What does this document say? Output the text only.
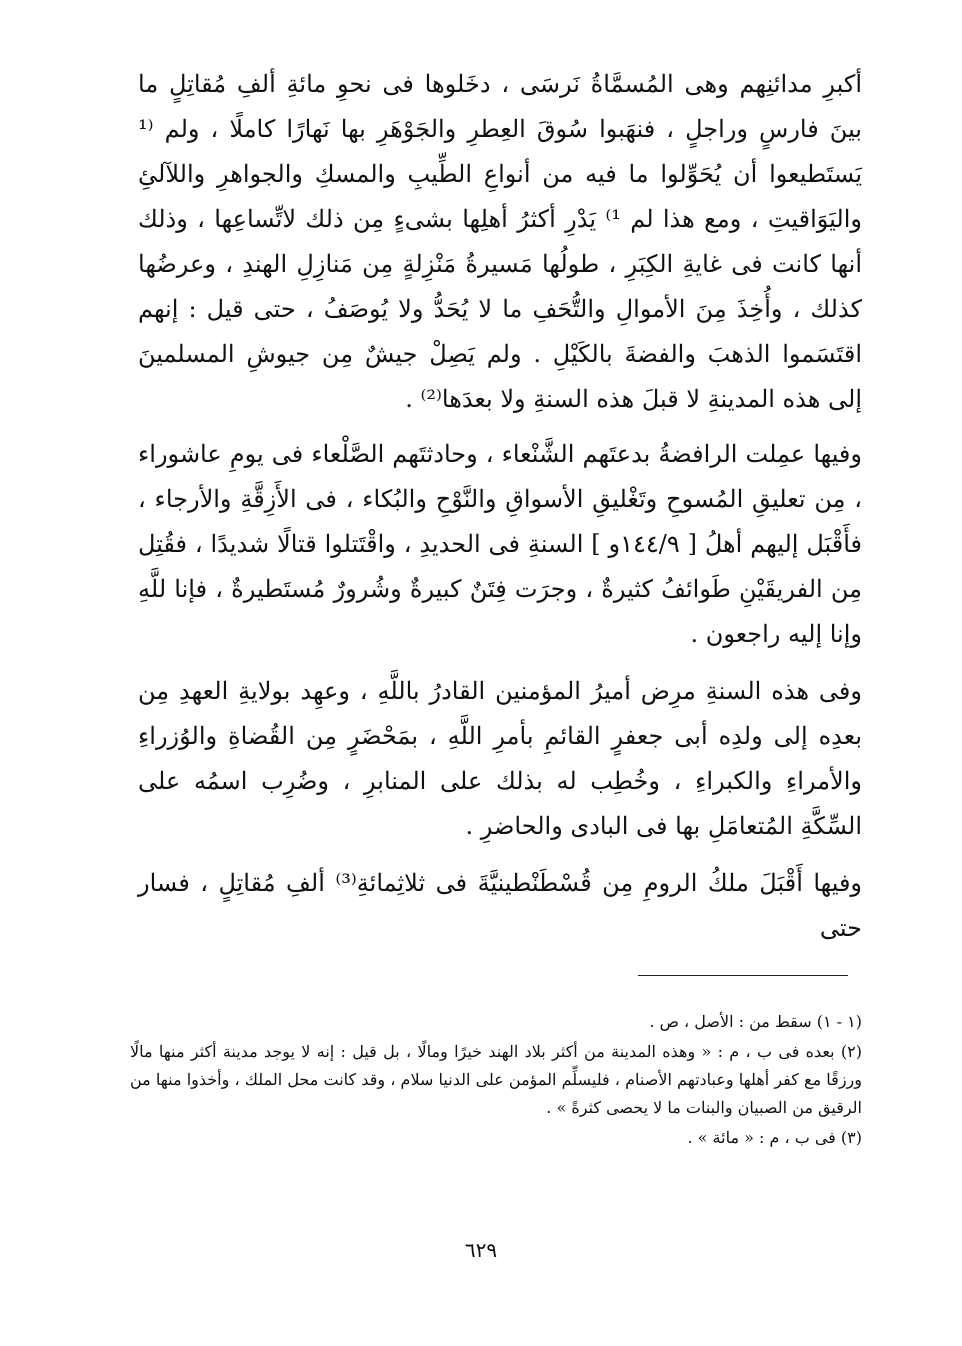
أكبرِ مدائنِهم وهى المُسمَّاةُ نَرسَى ، دخَلوها فى نحوِ مائةِ ألفِ مُقاتِلٍ ما بينَ فارسٍ وراجلٍ ، فنهَبوا سُوقَ العِطرِ والجَوْهَرِ بها نَهارًا كاملًا ، ولم ⁽¹ يَستَطيعوا أن يُحَوِّلوا ما فيه من أنواعِ الطِّيبِ والمسكِ والجواهرِ واللآلئِ واليَوَاقيتِ ، ومع هذا لم ¹⁾ يَدْرِ أكثرُ أهلِها بشىءٍ مِن ذلك لاتِّساعِها ، وذلك أنها كانت فى غايةِ الكِبَرِ ، طولُها مَسيرةُ مَنْزِلةٍ مِن مَنازِلِ الهندِ ، وعرضُها كذلك ، وأُخِذَ مِنَ الأموالِ والتُّحَفِ ما لا يُحَدُّ ولا يُوصَفُ ، حتى قيل : إنهم اقتَسَموا الذهبَ والفضةَ بالكَيْلِ . ولم يَصِلْ جيشٌ مِن جيوشِ المسلمينَ إلى هذه المدينةِ لا قبلَ هذه السنةِ ولا بعدَها⁽²⁾ .

وفيها عمِلت الرافضةُ بدعتَهم الشَّنْعاء ، وحادثتَهم الصَّلْعاء فى يومِ عاشوراء ، مِن تعليقِ المُسوحِ وتَغْليقِ الأسواقِ والنَّوْحِ والبُكاء ، فى الأَزِقَّةِ والأرجاء ، فأَقْبَل إليهم أهلُ [ ١٤٤/٩و ] السنةِ فى الحديدِ ، واقْتَتلوا قتالًا شديدًا ، فقُتِل مِن الفريقَيْنِ طَوائفُ كثيرةٌ ، وجرَت فِتَنٌ كبيرةٌ وشُرورٌ مُستَطيرةٌ ، فإنا للَّهِ وإنا إليه راجعون .

وفى هذه السنةِ مرِض أميرُ المؤمنين القادرُ باللَّهِ ، وعهِد بولايةِ العهدِ مِن بعدِه إلى ولدِه أبى جعفرٍ القائمِ بأمرِ اللَّهِ ، بمَحْضَرٍ مِن القُضاةِ والوُزراءِ والأمراءِ والكبراءِ ، وخُطِب له بذلك على المنابرِ ، وضُرِب اسمُه على السِّكَّةِ المُتعامَلِ بها فى البادى والحاضرِ .

وفيها أَقْبَلَ ملكُ الرومِ مِن قُسْطَنْطينيَّةَ فى ثلاثِمائةِ⁽³⁾ ألفِ مُقاتِلٍ ، فسار حتى

(١ - ١) سقط من : الأصل ، ص .

(٢) بعده فى ب ، م : « وهذه المدينة من أكثر بلاد الهند خيرًا ومالًا ، بل قيل : إنه لا يوجد مدينة أكثر منها مالًا ورزقًا مع كفر أهلها وعبادتهم الأصنام ، فليسلِّم المؤمن على الدنيا سلام ، وقد كانت محل الملك ، وأخذوا منها من الرقيق من الصبيان والبنات ما لا يحصى كثرةً » .

(٣) فى ب ، م : « مائة » .

٦٢٩
